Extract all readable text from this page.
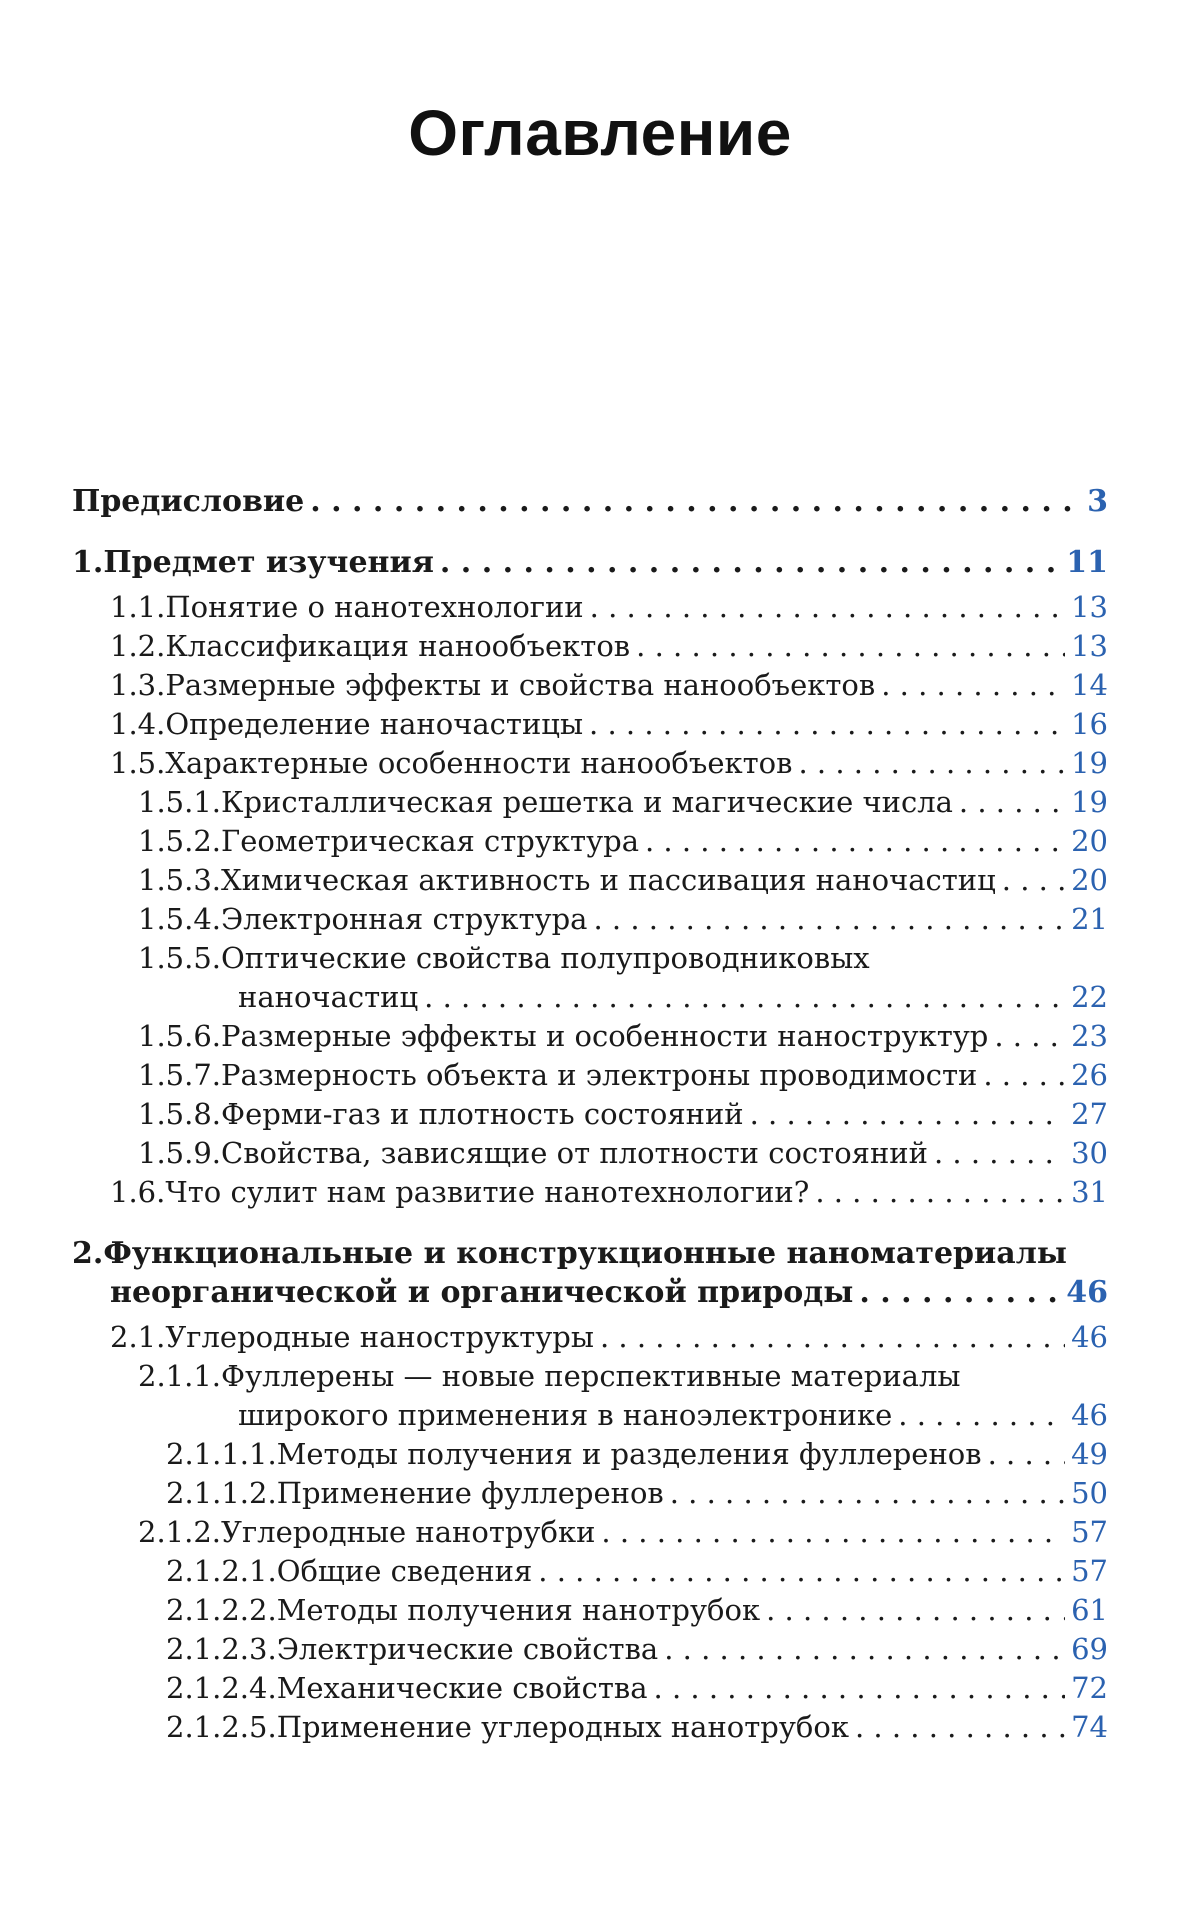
Оглавление
Предисловие . . .	3
1.Предмет изучения . . .	11
1.1.Понятие о нанотехнологии . . .	13
1.2.Классификация нанообъектов . . .	13
1.3.Размерные эффекты и свойства нанообъектов . . .	14
1.4.Определение наночастицы . . .	16
1.5.Характерные особенности нанообъектов . . .	19
1.5.1.Кристаллическая решетка и магические числа . . .	19
1.5.2.Геометрическая структура . . .	20
1.5.3.Химическая активность и пассивация наночастиц . . .	20
1.5.4.Электронная структура . . .	21
1.5.5.Оптические свойства полупроводниковых
наночастиц . . .	22
1.5.6.Размерные эффекты и особенности наноструктур . . .	23
1.5.7.Размерность объекта и электроны проводимости . . .	26
1.5.8.Ферми-газ и плотность состояний . . .	27
1.5.9.Свойства, зависящие от плотности состояний . . .	30
1.6.Что сулит нам развитие нанотехнологии? . . .	31
2.Функциональные и конструкционные наноматериалы
неорганической и органической природы . . .	46
2.1.Углеродные наноструктуры . . .	46
2.1.1.Фуллерены — новые перспективные материалы
широкого применения в наноэлектронике . . .	46
2.1.1.1.Методы получения и разделения фуллеренов . . .	49
2.1.1.2.Применение фуллеренов . . .	50
2.1.2.Углеродные нанотрубки . . .	57
2.1.2.1.Общие сведения . . .	57
2.1.2.2.Методы получения нанотрубок . . .	61
2.1.2.3.Электрические свойства . . .	69
2.1.2.4.Механические свойства . . .	72
2.1.2.5.Применение углеродных нанотрубок . . .	74
